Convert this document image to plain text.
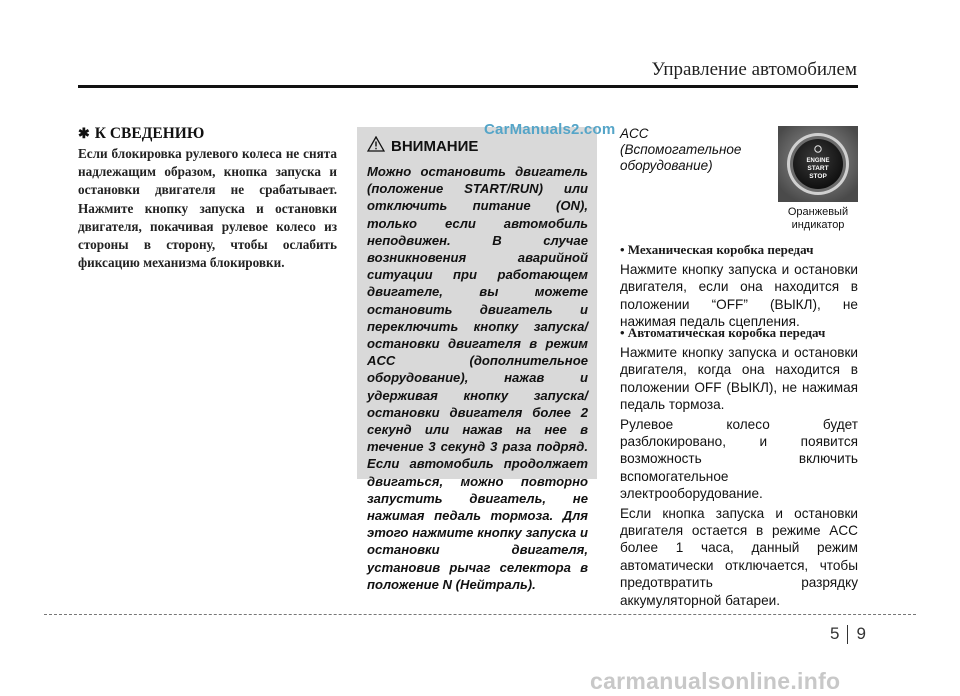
Управление автомобилем
✱ К СВЕДЕНИЮ

Если блокировка рулевого колеса не снята надлежащим образом, кнопка запуска и остановки двигателя не срабатывает. Нажмите кнопку запуска и остановки двигателя, покачивая рулевое колесо из стороны в сторону, чтобы ослабить фиксацию механизма блокировки.

ВНИМАНИЕ

Можно остановить двигатель (положение START/RUN) или отключить питание (ON), только если автомобиль неподвижен. В случае возникновения аварийной ситуации при работающем двигателе, вы можете остановить двигатель и переключить кнопку запуска/остановки двигателя в режим ACC (дополнительное оборудование), нажав и удерживая кнопку запуска/остановки двигателя более 2 секунд или нажав на нее в течение 3 секунд 3 раза подряд. Если автомобиль продолжает двигаться, можно повторно запустить двигатель, не нажимая педаль тормоза. Для этого нажмите кнопку запуска и остановки двигателя, установив рычаг селектора в положение N (Нейтраль).

CarManuals2.com ACC
(Вспомогательное оборудование)	ENGINE
START
STOP
Оранжевый индикатор

• Механическая коробка передач

Нажмите кнопку запуска и остановки двигателя, если она находится в положении “OFF” (ВЫКЛ), не нажимая педаль сцепления.

• Автоматическая коробка передач

Нажмите кнопку запуска и остановки двигателя, когда она находится в положении OFF (ВЫКЛ), не нажимая педаль тормоза.

Рулевое колесо будет разблокировано, и появится возможность включить вспомогательное электрооборудование.

Если кнопка запуска и остановки двигателя остается в режиме ACC более 1 часа, данный режим автоматически отключается, чтобы предотвратить разрядку аккумуляторной батареи.

5 9
carmanualsonline.info
